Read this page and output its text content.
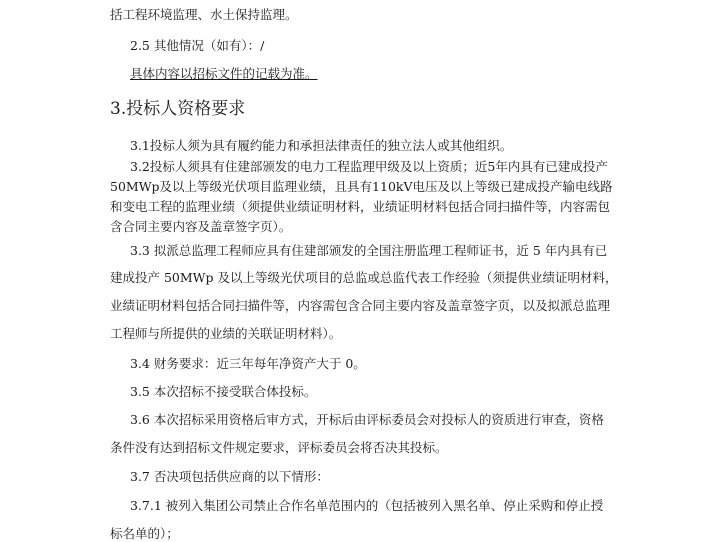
括工程环境监理、水土保持监理。
2.5 其他情况（如有）：/
具体内容以招标文件的记载为准。
3.投标人资格要求
3.1投标人须为具有履约能力和承担法律责任的独立法人或其他组织。
3.2投标人须具有住建部颁发的电力工程监理甲级及以上资质；近5年内具有已建成投产
50MWp及以上等级光伏项目监理业绩，且具有110kV电压及以上等级已建成投产输电线路
和变电工程的监理业绩（须提供业绩证明材料，业绩证明材料包括合同扫描件等，内容需包
含合同主要内容及盖章签字页）。
3.3 拟派总监理工程师应具有住建部颁发的全国注册监理工程师证书，近 5 年内具有已
建成投产 50MWp 及以上等级光伏项目的总监或总监代表工作经验（须提供业绩证明材料，
业绩证明材料包括合同扫描件等，内容需包含合同主要内容及盖章签字页，以及拟派总监理
工程师与所提供的业绩的关联证明材料）。
3.4 财务要求：近三年每年净资产大于 0。
3.5 本次招标不接受联合体投标。
3.6 本次招标采用资格后审方式，开标后由评标委员会对投标人的资质进行审查，资格
条件没有达到招标文件规定要求，评标委员会将否决其投标。
3.7 否决项包括供应商的以下情形：
3.7.1 被列入集团公司禁止合作名单范围内的（包括被列入黑名单、停止采购和停止授
标名单的）；
